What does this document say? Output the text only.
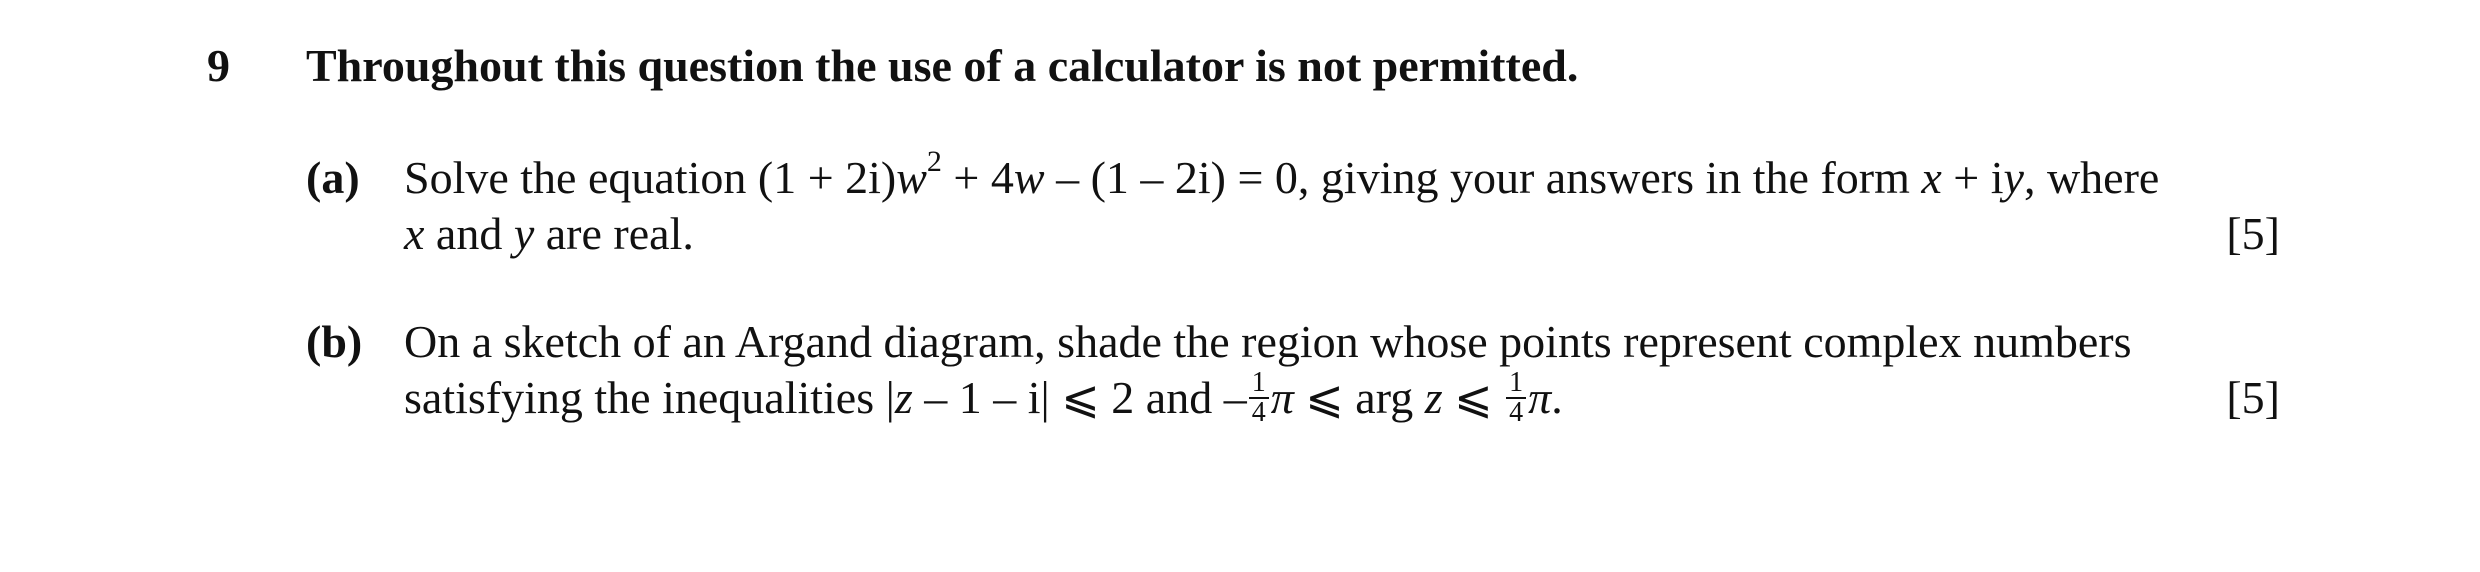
9 Throughout this question the use of a calculator is not permitted.
(a) Solve the equation $(1 + 2i)w^2 + 4w - (1 - 2i) = 0$, giving your answers in the form x + iy, where
x and y are real.	[5]
(b) On a sketch of an Argand diagram, shade the region whose points represent complex numbers
satisfying the inequalities |z – 1 – i| ⩽ 2 and – $\frac{1}{4}$ π ⩽ arg z ⩽ $\frac{1}{4} \pi$.	[5]
